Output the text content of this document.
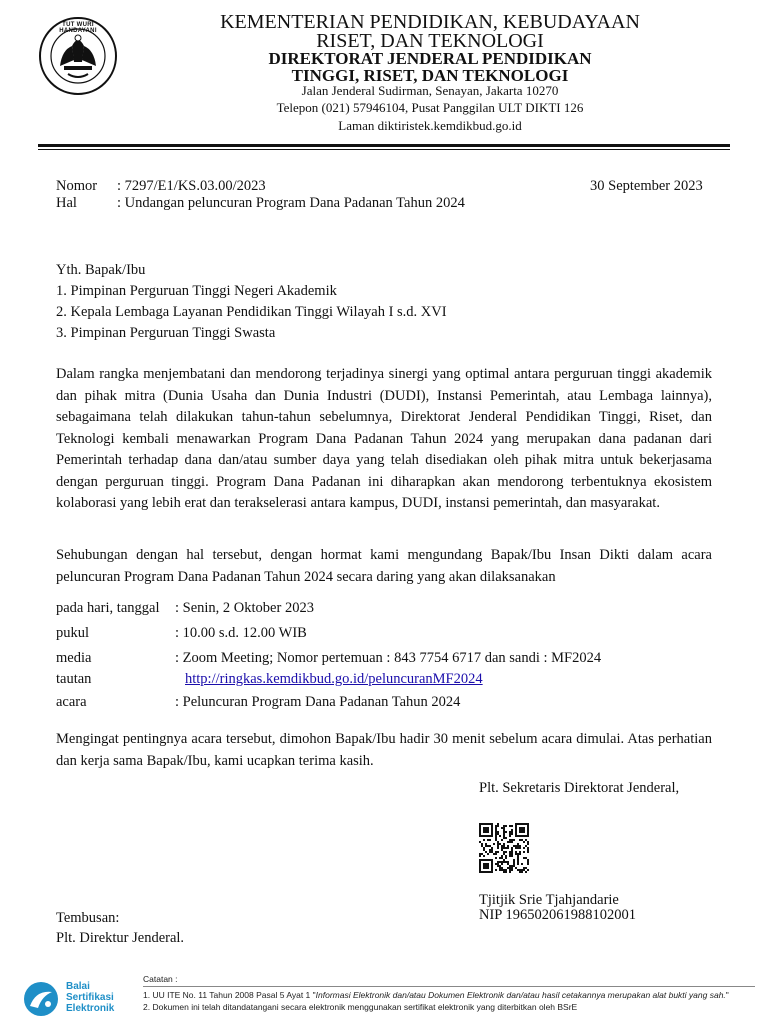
TUT WURI HANDAYANI	KEMENTERIAN PENDIDIKAN, KEBUDAYAAN
RISET, DAN TEKNOLOGI
DIREKTORAT JENDERAL PENDIDIKAN
TINGGI, RISET, DAN TEKNOLOGI
Jalan Jenderal Sudirman, Senayan, Jakarta 10270
Telepon (021) 57946104, Pusat Panggilan ULT DIKTI 126
Laman diktiristek.kemdikbud.go.id
Nomor : 7297/E1/KS.03.00/2023	30 September 2023
Hal	: Undangan peluncuran Program Dana Padanan Tahun 2024
Yth. Bapak/Ibu
1. Pimpinan Perguruan Tinggi Negeri Akademik
2. Kepala Lembaga Layanan Pendidikan Tinggi Wilayah I s.d. XVI
3. Pimpinan Perguruan Tinggi Swasta
Dalam rangka menjembatani dan mendorong terjadinya sinergi yang optimal antara perguruan tinggi akademik dan pihak mitra (Dunia Usaha dan Dunia Industri (DUDI), Instansi Pemerintah, atau Lembaga lainnya), sebagaimana telah dilakukan tahun-tahun sebelumnya, Direktorat Jenderal Pendidikan Tinggi, Riset, dan Teknologi kembali menawarkan Program Dana Padanan Tahun 2024 yang merupakan dana padanan dari Pemerintah terhadap dana dan/atau sumber daya yang telah disediakan oleh pihak mitra untuk bekerjasama dengan perguruan tinggi. Program Dana Padanan ini diharapkan akan mendorong terbentuknya ekosistem kolaborasi yang lebih erat dan terakselerasi antara kampus, DUDI, instansi pemerintah, dan masyarakat.
Sehubungan dengan hal tersebut, dengan hormat kami mengundang Bapak/Ibu Insan Dikti dalam acara peluncuran Program Dana Padanan Tahun 2024 secara daring yang akan dilaksanakan
pada hari, tanggal : Senin, 2 Oktober 2023
pukul	: 10.00 s.d. 12.00 WIB
media	: Zoom Meeting; Nomor pertemuan : 843 7754 6717 dan sandi : MF2024
tautan	http://ringkas.kemdikbud.go.id/peluncuranMF2024
acara	: Peluncuran Program Dana Padanan Tahun 2024
Mengingat pentingnya acara tersebut, dimohon Bapak/Ibu hadir 30 menit sebelum acara dimulai. Atas perhatian dan kerja sama Bapak/Ibu, kami ucapkan terima kasih.
Plt. Sekretaris Direktorat Jenderal,
Tjitjik Srie Tjahjandarie
NIP 196502061988102001
Tembusan:
Plt. Direktur Jenderal.
Balai
Sertifikasi
Elektronik
Catatan :
1. UU ITE No. 11 Tahun 2008 Pasal 5 Ayat 1 "Informasi Elektronik dan/atau Dokumen Elektronik dan/atau hasil cetakannya merupakan alat bukti yang sah."
2. Dokumen ini telah ditandatangani secara elektronik menggunakan sertifikat elektronik yang diterbitkan oleh BSrE
